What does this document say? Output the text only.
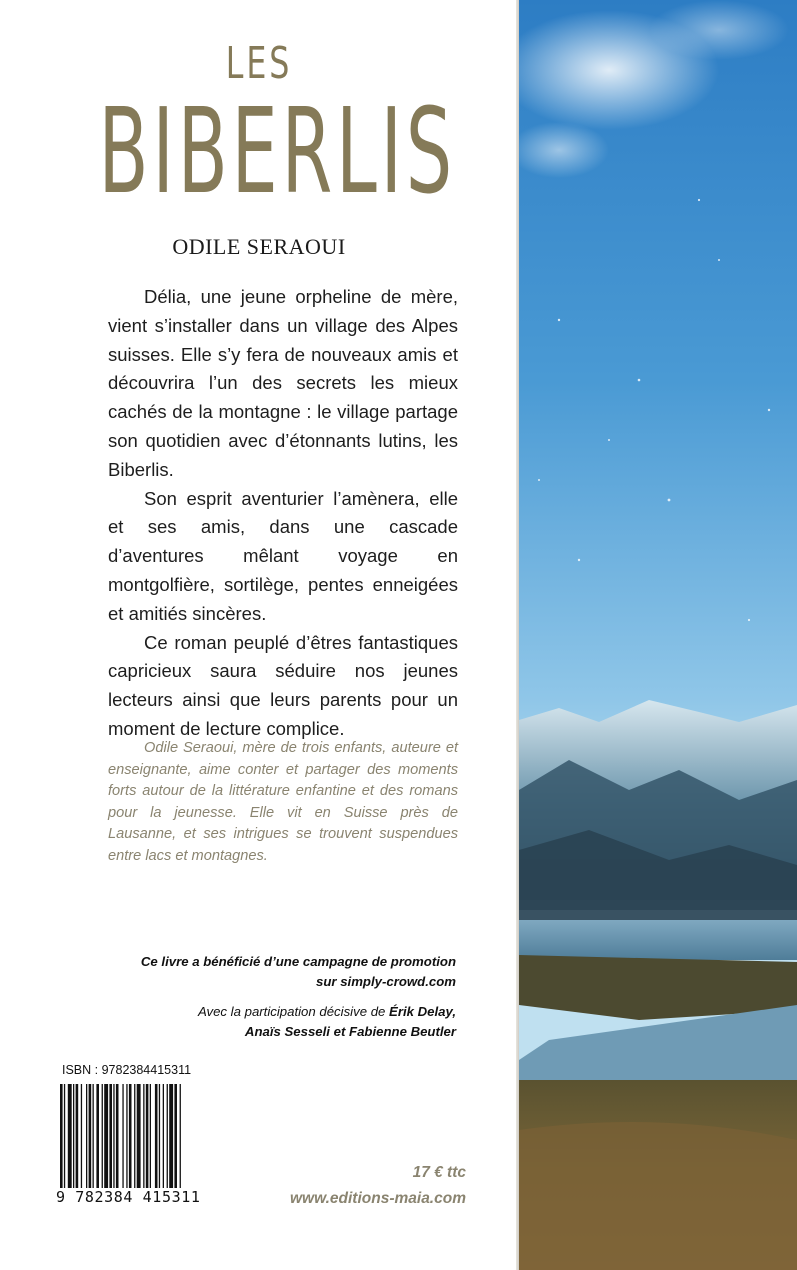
LES
BIBERLIS
ODILE SERAOUI

Délia, une jeune orpheline de mère, vient s’installer dans un village des Alpes suisses. Elle s’y fera de nouveaux amis et découvrira l’un des secrets les mieux cachés de la montagne : le village partage son quotidien avec d’étonnants lutins, les Biberlis.

Son esprit aventurier l’amènera, elle et ses amis, dans une cascade d’aventures mêlant voyage en montgolfière, sortilège, pentes enneigées et amitiés sincères.

Ce roman peuplé d’êtres fantastiques capricieux saura séduire nos jeunes lecteurs ainsi que leurs parents pour un moment de lecture complice.

Odile Seraoui, mère de trois enfants, auteure et enseignante, aime conter et partager des moments forts autour de la littérature enfantine et des romans pour la jeunesse. Elle vit en Suisse près de Lausanne, et ses intrigues se trouvent suspendues entre lacs et montagnes.
Ce livre a bénéficié d’une campagne de promotion
sur simply-crowd.com
Avec la participation décisive de Érik Delay,
Anaïs Sesseli et Fabienne Beutler
ISBN : 9782384415311
9 782384 415311
17 € ttc
www.editions-maia.com
